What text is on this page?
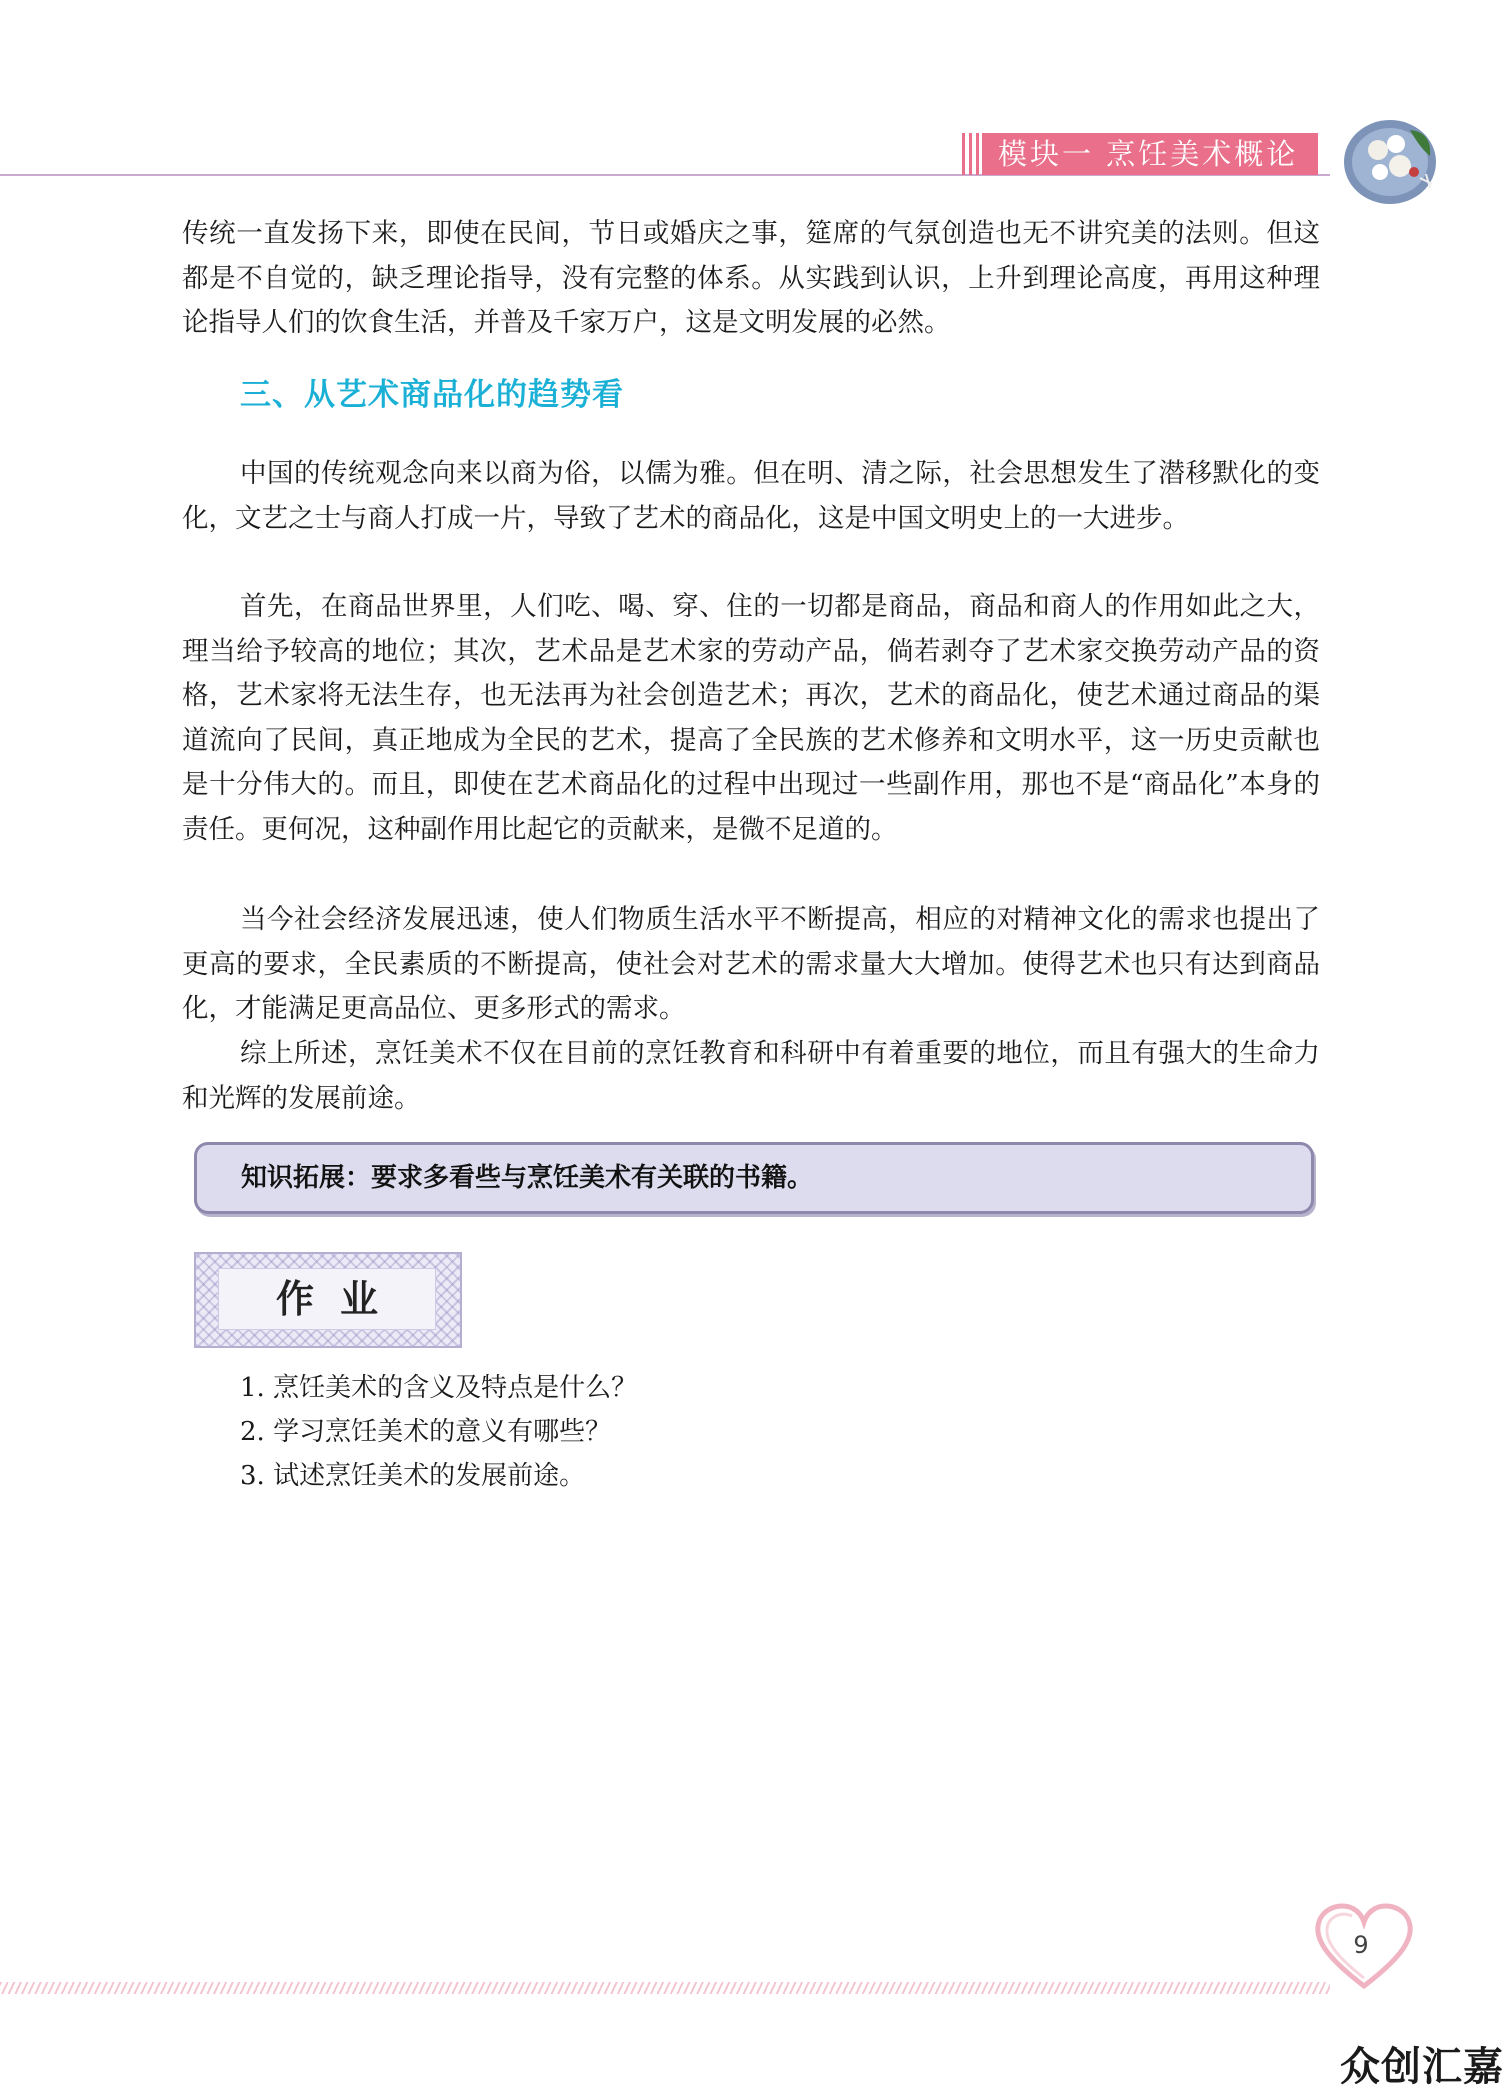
模块一 烹饪美术概论

传统一直发扬下来，即使在民间，节日或婚庆之事，筵席的气氛创造也无不讲究美的法则。但这都是不自觉的，缺乏理论指导，没有完整的体系。从实践到认识，上升到理论高度，再用这种理论指导人们的饮食生活，并普及千家万户，这是文明发展的必然。

三、从艺术商品化的趋势看

中国的传统观念向来以商为俗，以儒为雅。但在明、清之际，社会思想发生了潜移默化的变化，文艺之士与商人打成一片，导致了艺术的商品化，这是中国文明史上的一大进步。

首先，在商品世界里，人们吃、喝、穿、住的一切都是商品，商品和商人的作用如此之大，理当给予较高的地位；其次，艺术品是艺术家的劳动产品，倘若剥夺了艺术家交换劳动产品的资格，艺术家将无法生存，也无法再为社会创造艺术；再次，艺术的商品化，使艺术通过商品的渠道流向了民间，真正地成为全民的艺术，提高了全民族的艺术修养和文明水平，这一历史贡献也是十分伟大的。而且，即使在艺术商品化的过程中出现过一些副作用，那也不是“商品化”本身的责任。更何况，这种副作用比起它的贡献来，是微不足道的。

当今社会经济发展迅速，使人们物质生活水平不断提高，相应的对精神文化的需求也提出了更高的要求，全民素质的不断提高，使社会对艺术的需求量大大增加。使得艺术也只有达到商品化，才能满足更高品位、更多形式的需求。

综上所述，烹饪美术不仅在目前的烹饪教育和科研中有着重要的地位，而且有强大的生命力和光辉的发展前途。

知识拓展：要求多看些与烹饪美术有关联的书籍。
作业

1. 烹饪美术的含义及特点是什么？

2. 学习烹饪美术的意义有哪些？

3. 试述烹饪美术的发展前途。

9
众创汇嘉
